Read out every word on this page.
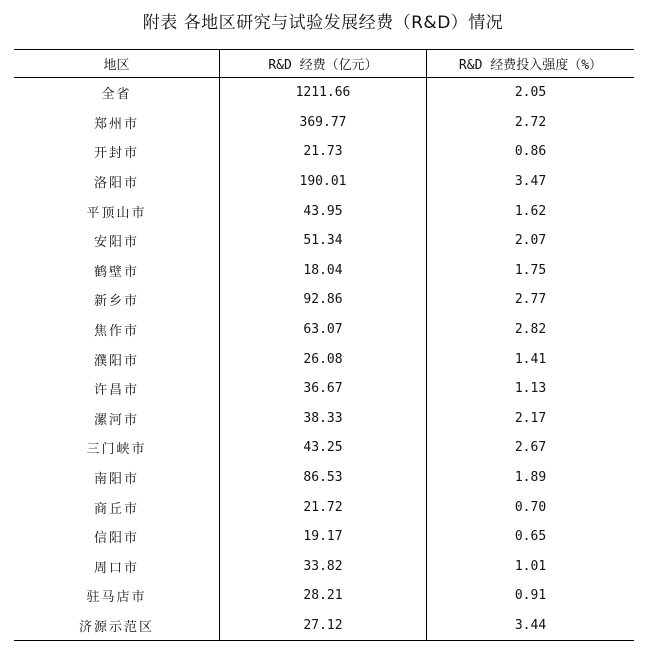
附表 各地区研究与试验发展经费（R&D）情况
地区	R&D 经费（亿元）	R&D 经费投入强度（%）
全省	1211.66	2.05
郑州市	369.77	2.72
开封市	21.73	0.86
洛阳市	190.01	3.47
平顶山市	43.95	1.62
安阳市	51.34	2.07
鹤壁市	18.04	1.75
新乡市	92.86	2.77
焦作市	63.07	2.82
濮阳市	26.08	1.41
许昌市	36.67	1.13
漯河市	38.33	2.17
三门峡市	43.25	2.67
南阳市	86.53	1.89
商丘市	21.72	0.70
信阳市	19.17	0.65
周口市	33.82	1.01
驻马店市	28.21	0.91
济源示范区	27.12	3.44
